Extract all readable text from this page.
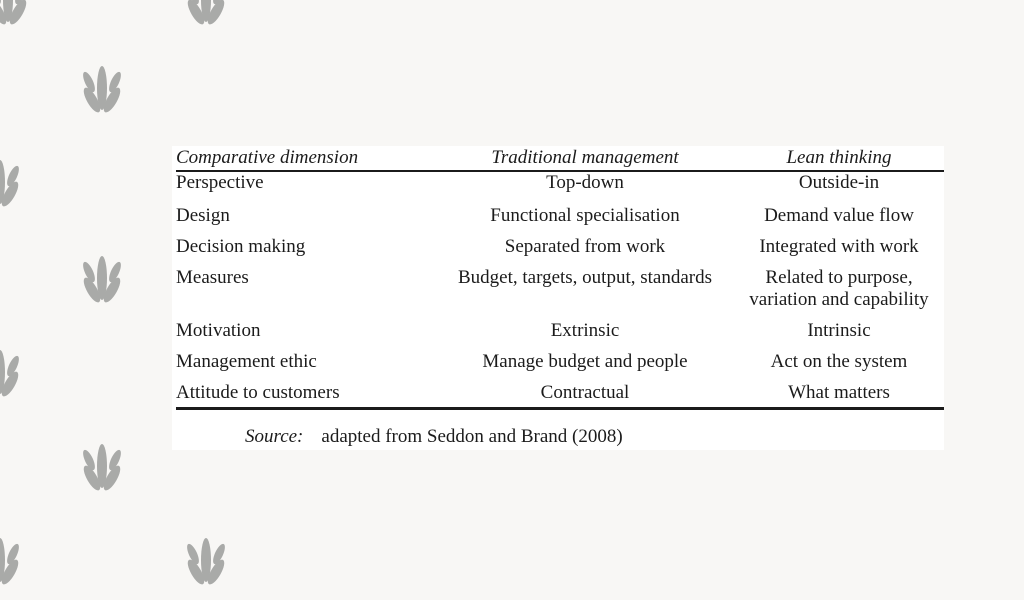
Comparative dimension	Traditional management	Lean thinking
Perspective	Top-down	Outside-in
Design	Functional specialisation	Demand value flow
Decision making	Separated from work	Integrated with work
Measures	Budget, targets, output, standards	Related to purpose,
variation and capability
Motivation	Extrinsic	Intrinsic
Management ethic	Manage budget and people	Act on the system
Attitude to customers	Contractual	What matters
Source: adapted from Seddon and Brand (2008)
